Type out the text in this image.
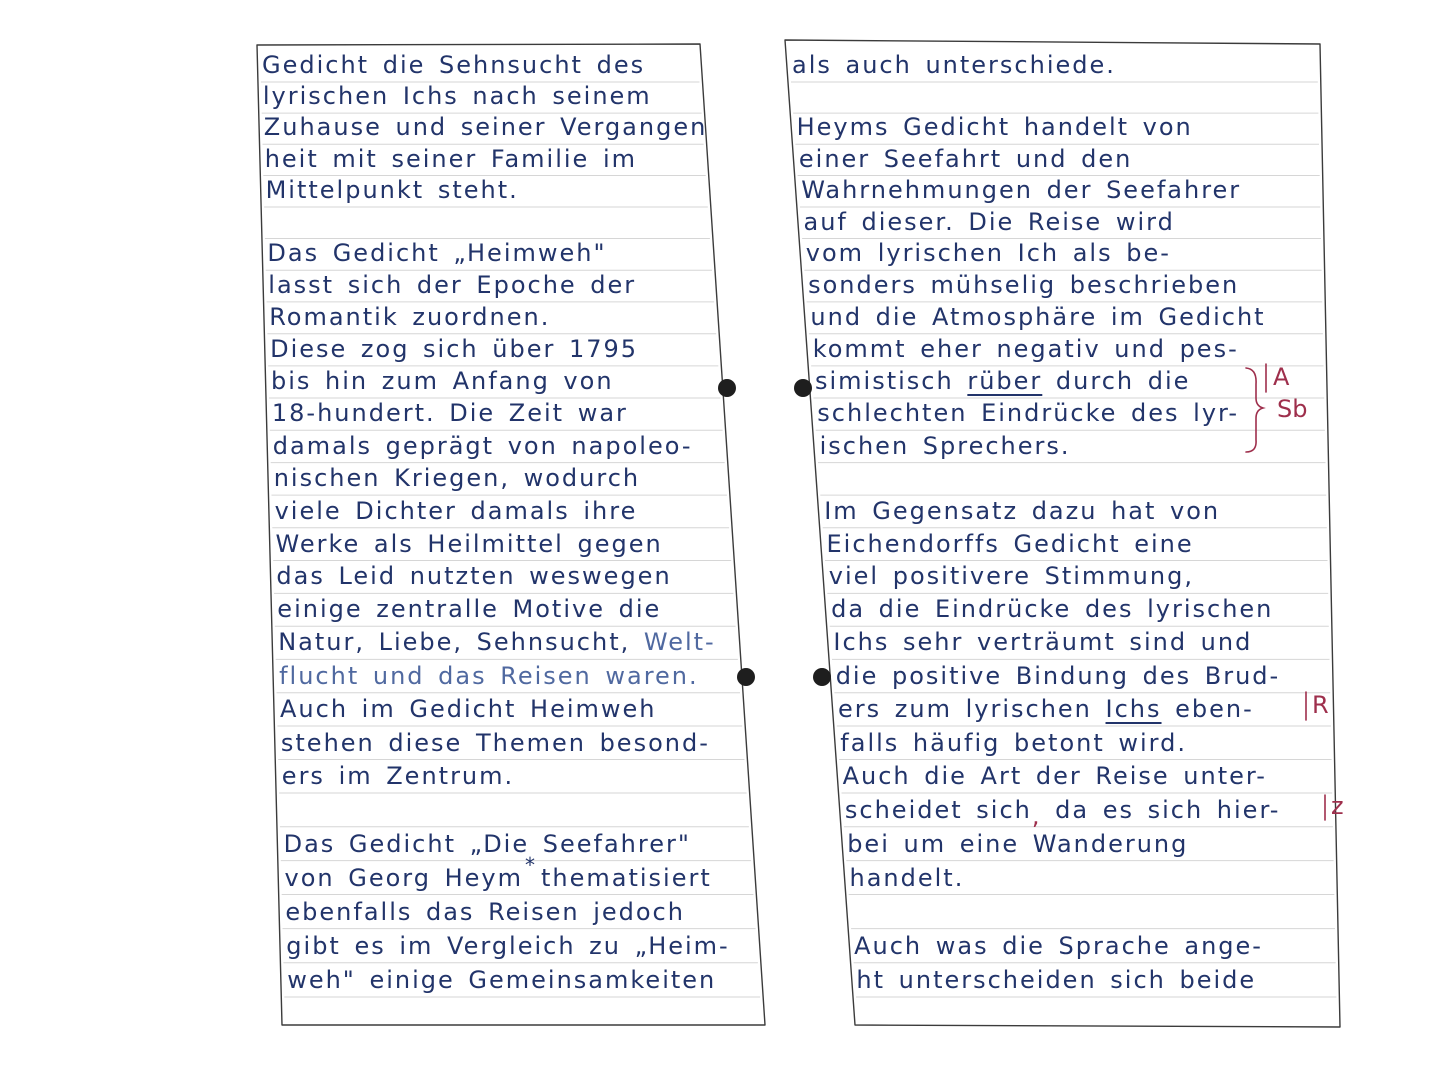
Gedicht die Sehnsucht des
lyrischen Ichs nach seinem
Zuhause und seiner Vergangen
heit mit seiner Familie im
Mittelpunkt steht.
Das Gedicht „Heimweh"
lasst sich der Epoche der
Romantik zuordnen.
Diese zog sich über 1795
bis hin zum Anfang von
18-hundert. Die Zeit war
damals geprägt von napoleo-
nischen Kriegen, wodurch
viele Dichter damals ihre
Werke als Heilmittel gegen
das Leid nutzten weswegen
einige zentralle Motive die
Natur, Liebe, Sehnsucht, Welt-
flucht und das Reisen waren.
Auch im Gedicht Heimweh
stehen diese Themen besond-
ers im Zentrum.
Das Gedicht „Die Seefahrer"
von Georg Heym * thematisiert
ebenfalls das Reisen jedoch
gibt es im Vergleich zu „Heim-
weh" einige Gemeinsamkeiten
als auch unterschiede.
Heyms Gedicht handelt von
einer Seefahrt und den
Wahrnehmungen der Seefahrer
auf dieser. Die Reise wird
vom lyrischen Ich als be-
sonders mühselig beschrieben
und die Atmosphäre im Gedicht
kommt eher negativ und pes-
simistisch rüber durch die
schlechten Eindrücke des lyr-
ischen Sprechers.
Im Gegensatz dazu hat von
Eichendorffs Gedicht eine
viel positivere Stimmung,
da die Eindrücke des lyrischen
Ichs sehr verträumt sind und
die positive Bindung des Brud-
ers zum lyrischen Ichs eben-
falls häufig betont wird.
Auch die Art der Reise unter-
scheidet sich, da es sich hier-
bei um eine Wanderung
handelt.
Auch was die Sprache ange-
ht unterscheiden sich beide
A
Sb
R
z
